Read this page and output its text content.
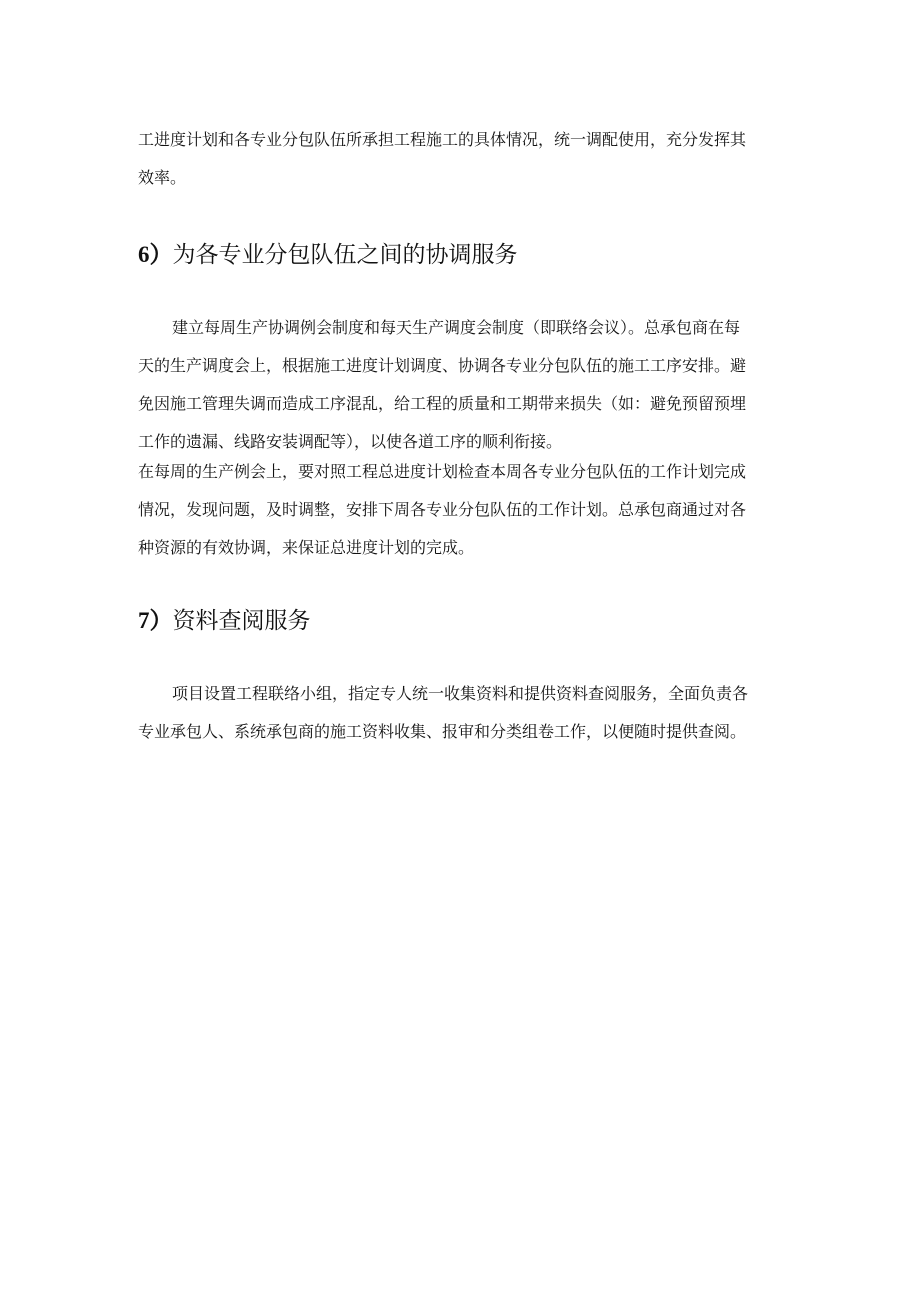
工进度计划和各专业分包队伍所承担工程施工的具体情况，统一调配使用，充分发挥其
效率。

6）为各专业分包队伍之间的协调服务

建立每周生产协调例会制度和每天生产调度会制度（即联络会议）。总承包商在每
天的生产调度会上，根据施工进度计划调度、协调各专业分包队伍的施工工序安排。避
免因施工管理失调而造成工序混乱，给工程的质量和工期带来损失（如：避免预留预埋
工作的遗漏、线路安装调配等），以使各道工序的顺利衔接。

在每周的生产例会上，要对照工程总进度计划检查本周各专业分包队伍的工作计划完成
情况，发现问题，及时调整，安排下周各专业分包队伍的工作计划。总承包商通过对各
种资源的有效协调，来保证总进度计划的完成。

7）资料查阅服务

项目设置工程联络小组，指定专人统一收集资料和提供资料查阅服务，全面负责各
专业承包人、系统承包商的施工资料收集、报审和分类组卷工作，以便随时提供查阅。
